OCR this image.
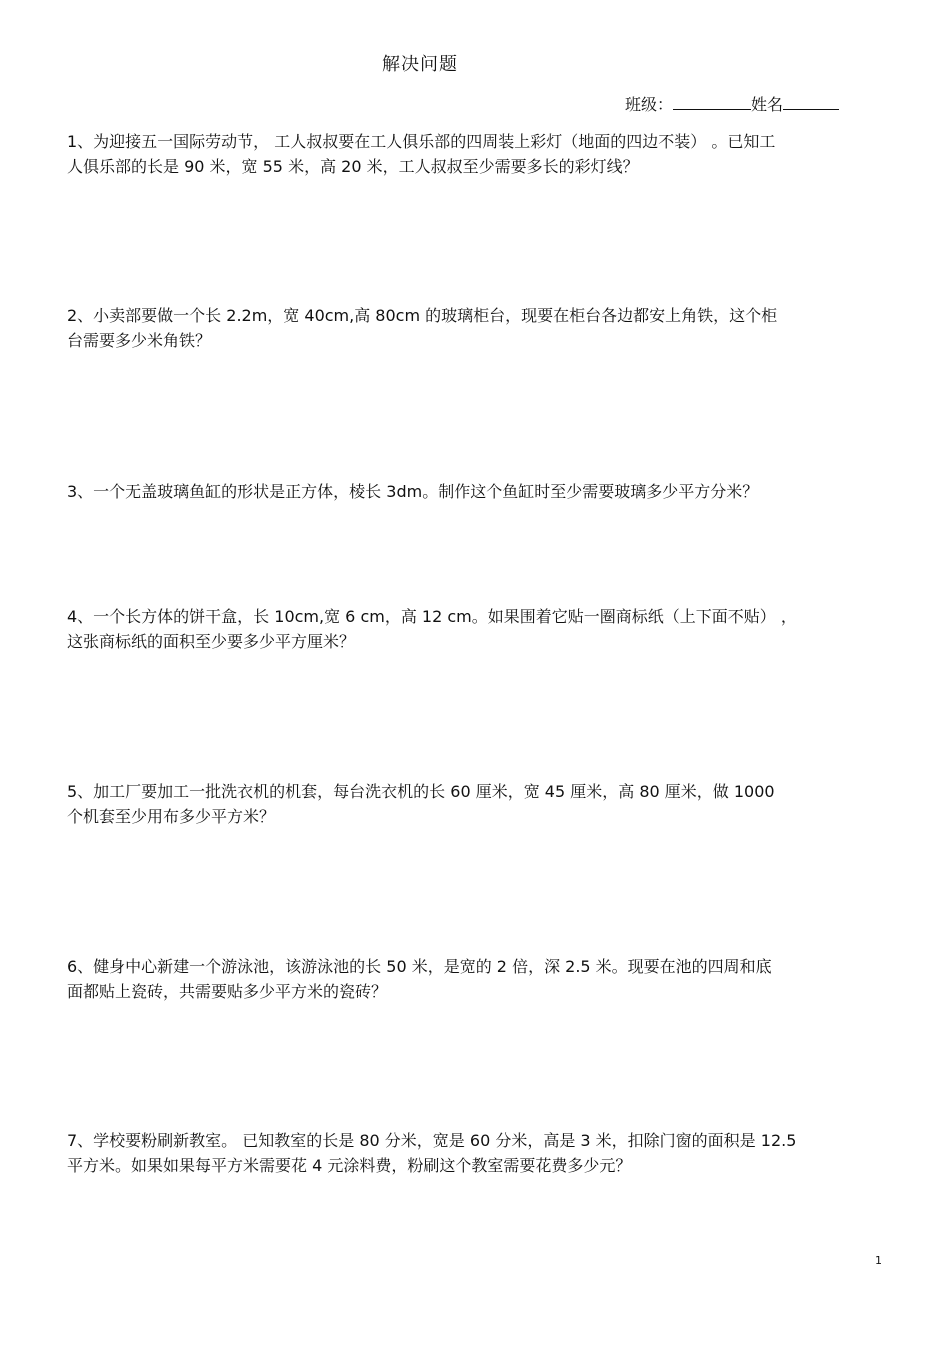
解决问题
班级：	姓名
1、为迎接五一国际劳动节， 工人叔叔要在工人俱乐部的四周装上彩灯（地面的四边不装） 。已知工
人俱乐部的长是 90 米，宽 55 米，高 20 米，工人叔叔至少需要多长的彩灯线？
2、小卖部要做一个长 2.2m，宽 40cm,高 80cm 的玻璃柜台，现要在柜台各边都安上角铁，这个柜
台需要多少米角铁？
3、一个无盖玻璃鱼缸的形状是正方体，棱长 3dm。制作这个鱼缸时至少需要玻璃多少平方分米？
4、一个长方体的饼干盒，长 10cm,宽 6 cm，高 12 cm。如果围着它贴一圈商标纸（上下面不贴） ，
这张商标纸的面积至少要多少平方厘米？
5、加工厂要加工一批洗衣机的机套，每台洗衣机的长 60 厘米，宽 45 厘米，高 80 厘米，做 1000
个机套至少用布多少平方米？
6、健身中心新建一个游泳池，该游泳池的长 50 米，是宽的 2 倍，深 2.5 米。现要在池的四周和底
面都贴上瓷砖，共需要贴多少平方米的瓷砖？
7、学校要粉刷新教室。 已知教室的长是 80 分米，宽是 60 分米，高是 3 米，扣除门窗的面积是 12.5
平方米。如果如果每平方米需要花 4 元涂料费，粉刷这个教室需要花费多少元？
1
